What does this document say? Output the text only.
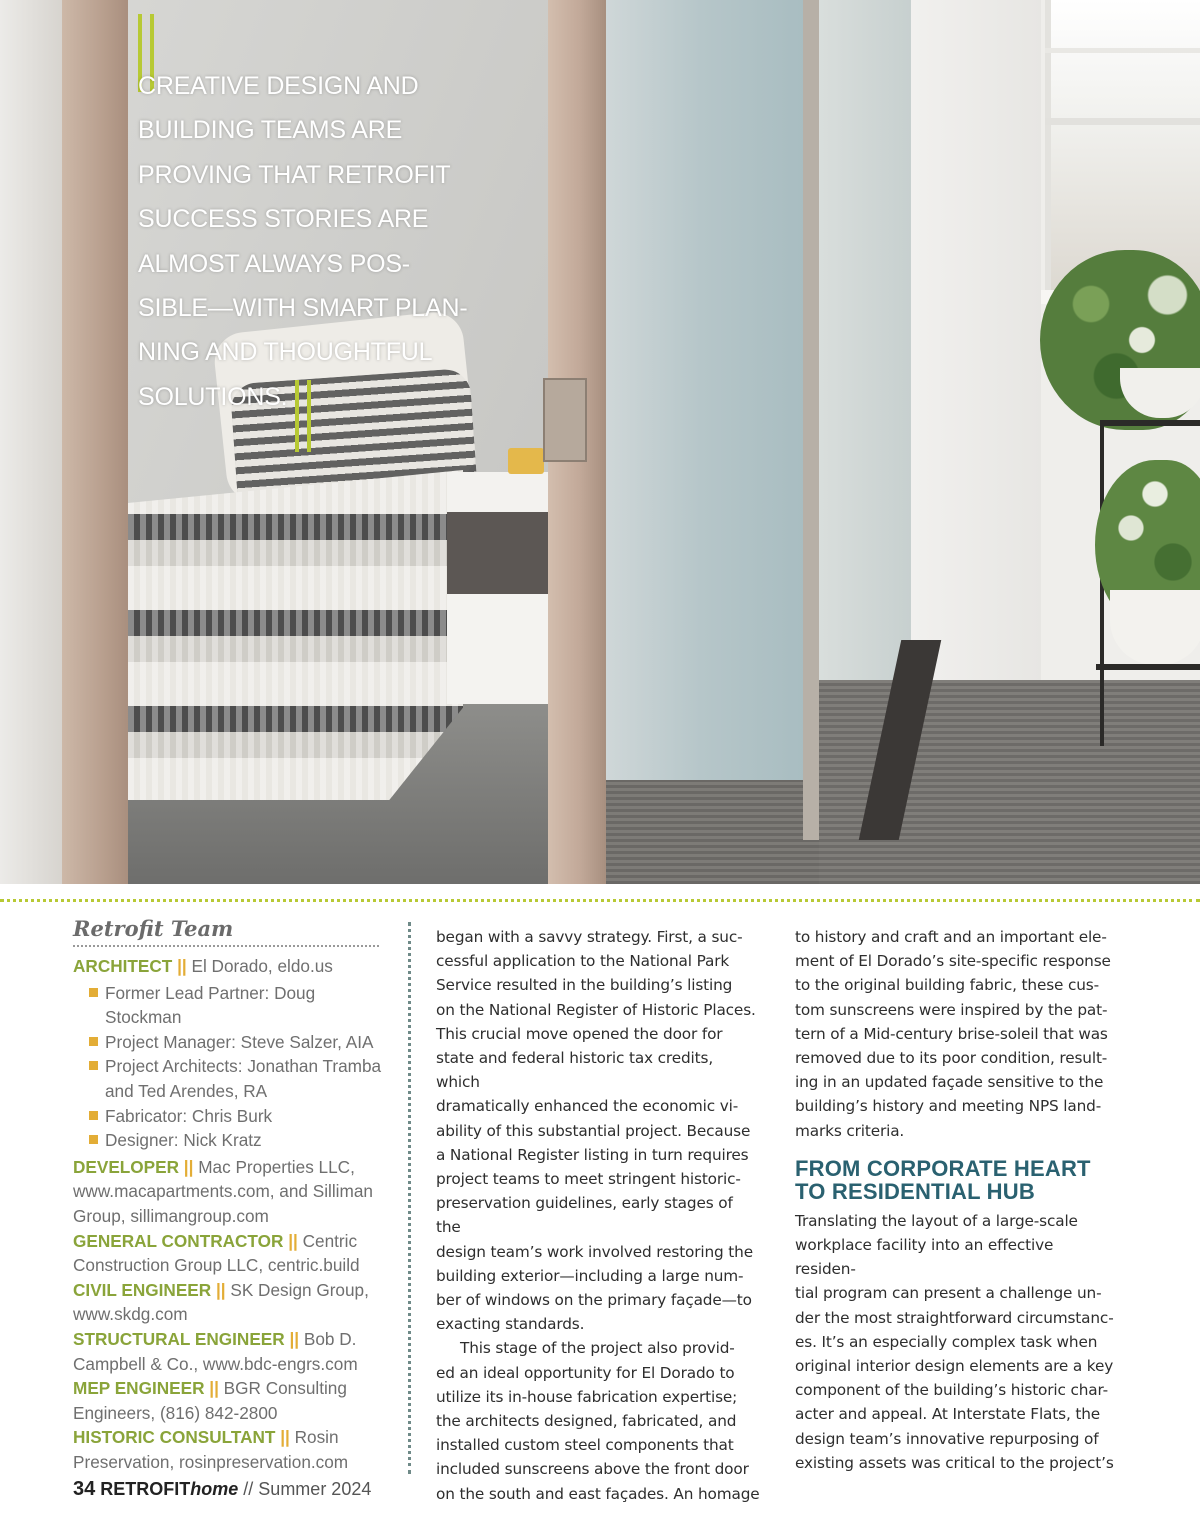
CREATIVE DESIGN AND
BUILDING TEAMS ARE
PROVING THAT RETROFIT
SUCCESS STORIES ARE
ALMOST ALWAYS POS-
SIBLE—WITH SMART PLAN-
NING AND THOUGHTFUL
SOLUTIONS.

Retrofit Team

ARCHITECT || El Dorado, eldo.us

Former Lead Partner: Doug Stockman
Project Manager: Steve Salzer, AIA
Project Architects: Jonathan Tramba and Ted Arendes, RA
Fabricator: Chris Burk
Designer: Nick Kratz

DEVELOPER || Mac Properties LLC, www.macapartments.com, and Silliman Group, sillimangroup.com

GENERAL CONTRACTOR || Centric Construction Group LLC, centric.build

CIVIL ENGINEER || SK Design Group, www.skdg.com

STRUCTURAL ENGINEER || Bob D. Campbell & Co., www.bdc-engrs.com

MEP ENGINEER || BGR Consulting Engineers, (816) 842-2800

HISTORIC CONSULTANT || Rosin Preservation, rosinpreservation.com

began with a savvy strategy. First, a suc-
cessful application to the National Park
Service resulted in the building’s listing
on the National Register of Historic Places.
This crucial move opened the door for
state and federal historic tax credits, which
dramatically enhanced the economic vi-
ability of this substantial project. Because
a National Register listing in turn requires
project teams to meet stringent historic-
preservation guidelines, early stages of the
design team’s work involved restoring the
building exterior—including a large num-
ber of windows on the primary façade—to
exacting standards.

This stage of the project also provid-
ed an ideal opportunity for El Dorado to
utilize its in-house fabrication expertise;
the architects designed, fabricated, and
installed custom steel components that
included sunscreens above the front door
on the south and east façades. An homage

to history and craft and an important ele-
ment of El Dorado’s site-specific response
to the original building fabric, these cus-
tom sunscreens were inspired by the pat-
tern of a Mid-century brise-soleil that was
removed due to its poor condition, result-
ing in an updated façade sensitive to the
building’s history and meeting NPS land-
marks criteria.

FROM CORPORATE HEART
TO RESIDENTIAL HUB

Translating the layout of a large-scale
workplace facility into an effective residen-
tial program can present a challenge un-
der the most straightforward circumstanc-
es. It’s an especially complex task when
original interior design elements are a key
component of the building’s historic char-
acter and appeal. At Interstate Flats, the
design team’s innovative repurposing of
existing assets was critical to the project’s

34 RETROFIThome // Summer 2024
